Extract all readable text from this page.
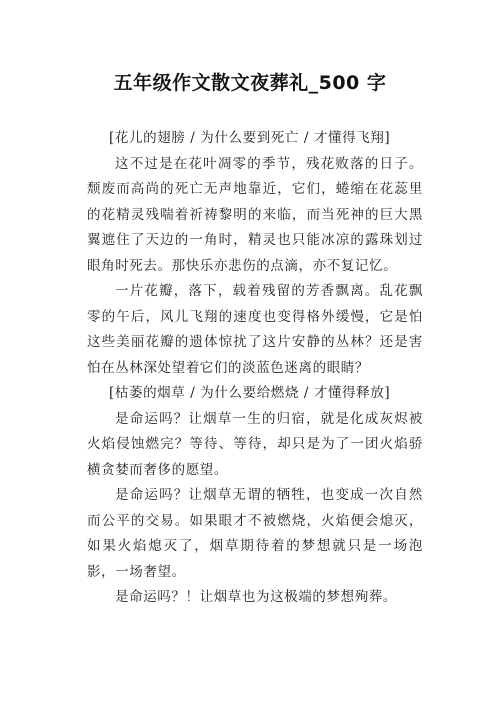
五年级作文散文夜葬礼_500 字

[花儿的翅膀 / 为什么要到死亡 / 才懂得飞翔]

这不过是在花叶凋零的季节，残花败落的日子。颓废而高尚的死亡无声地靠近，它们，蜷缩在花蕊里的花精灵残喘着祈祷黎明的来临，而当死神的巨大黑翼遮住了天边的一角时，精灵也只能冰凉的露珠划过眼角时死去。那快乐亦悲伤的点滴，亦不复记忆。

一片花瓣，落下，载着残留的芳香飘离。乱花飘零的午后，风儿飞翔的速度也变得格外缓慢，它是怕这些美丽花瓣的遗体惊扰了这片安静的丛林？还是害怕在丛林深处望着它们的淡蓝色迷离的眼睛？

[枯萎的烟草 / 为什么要给燃烧 / 才懂得释放]

是命运吗？让烟草一生的归宿，就是化成灰烬被火焰侵蚀燃完？等待、等待，却只是为了一团火焰骄横贪婪而奢侈的愿望。

是命运吗？让烟草无谓的牺牲，也变成一次自然而公平的交易。如果眼才不被燃烧，火焰便会熄灭，如果火焰熄灭了，烟草期待着的梦想就只是一场泡影，一场奢望。

是命运吗？！让烟草也为这极端的梦想殉葬。
